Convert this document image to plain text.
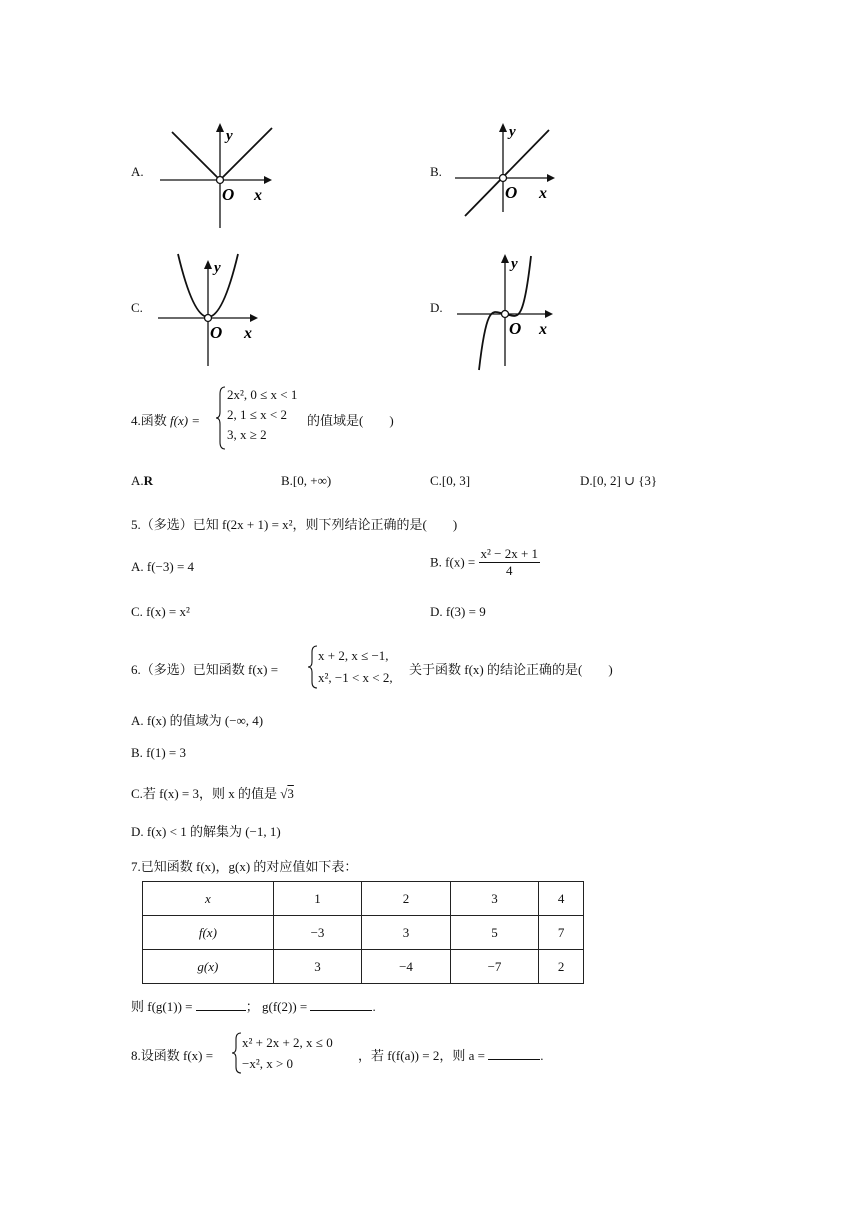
A.
y
O x
B.
y
O x
C.
y
O x
D.
y
O x
4.函数 f(x) =
2x², 0 ≤ x < 1
2, 1 ≤ x < 2
3, x ≥ 2
的值域是(　　)
A.R	B.[0, +∞)	C.[0, 3]	D.[0, 2] ∪ {3}
5.（多选）已知 f(2x + 1) = x²，则下列结论正确的是(　　)
A. f(−3) = 4	B. $f(x) = \frac{\text{x² − 2x + 1}}{4}$
C. f(x) = x²	D. f(3) = 9
6.（多选）已知函数 f(x) =
x + 2, x ≤ −1,
x², −1 < x < 2,
关于函数 f(x) 的结论正确的是(　　)
A. f(x) 的值域为 (−∞, 4)
B. f(1) = 3
C.若 f(x) = 3，则 x 的值是 √3
D. f(x) < 1 的解集为 (−1, 1)
7.已知函数 f(x)，g(x) 的对应值如下表：
x	1	2	3	4
f(x)	−3	3	5	7
g(x)	3	−4	−7	2
则 f(g(1)) =	； g(f(2)) =	.
8.设函数 f(x) =
x² + 2x + 2, x ≤ 0
−x², x > 0
，若 f(f(a)) = 2，则 a =	.
